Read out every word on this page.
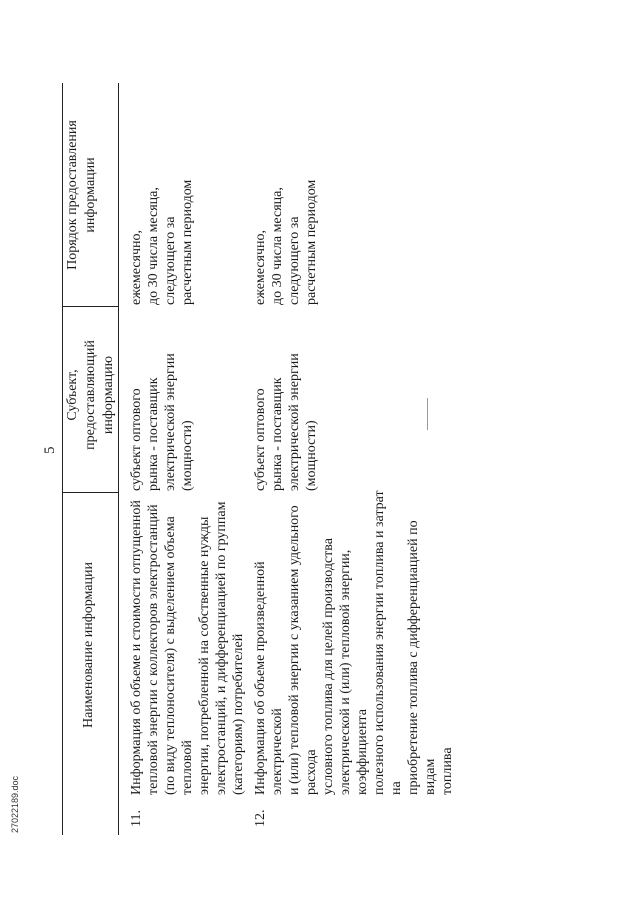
5
Наименование информации
Субъект, предоставляющий информацию
Порядок предоставления информации
11.
Информация об объеме и стоимости отпущенной тепловой энергии с коллекторов электростанций (по виду теплоносителя) с выделением объема тепловой энергии, потребленной на собственные нужды электростанций, и дифференциацией по группам (категориям) потребителей
субъект оптового рынка - поставщик электрической энергии (мощности)
ежемесячно, до 30 числа месяца, следующего за расчетным периодом
12.
Информация об объеме произведенной электрической и (или) тепловой энергии с указанием удельного расхода условного топлива для целей производства электрической и (или) тепловой энергии, коэффициента полезного использования энергии топлива и затрат на приобретение топлива с дифференциацией по видам топлива
субъект оптового рынка - поставщик электрической энергии (мощности)
ежемесячно, до 30 числа месяца, следующего за расчетным периодом
27022189.doc
